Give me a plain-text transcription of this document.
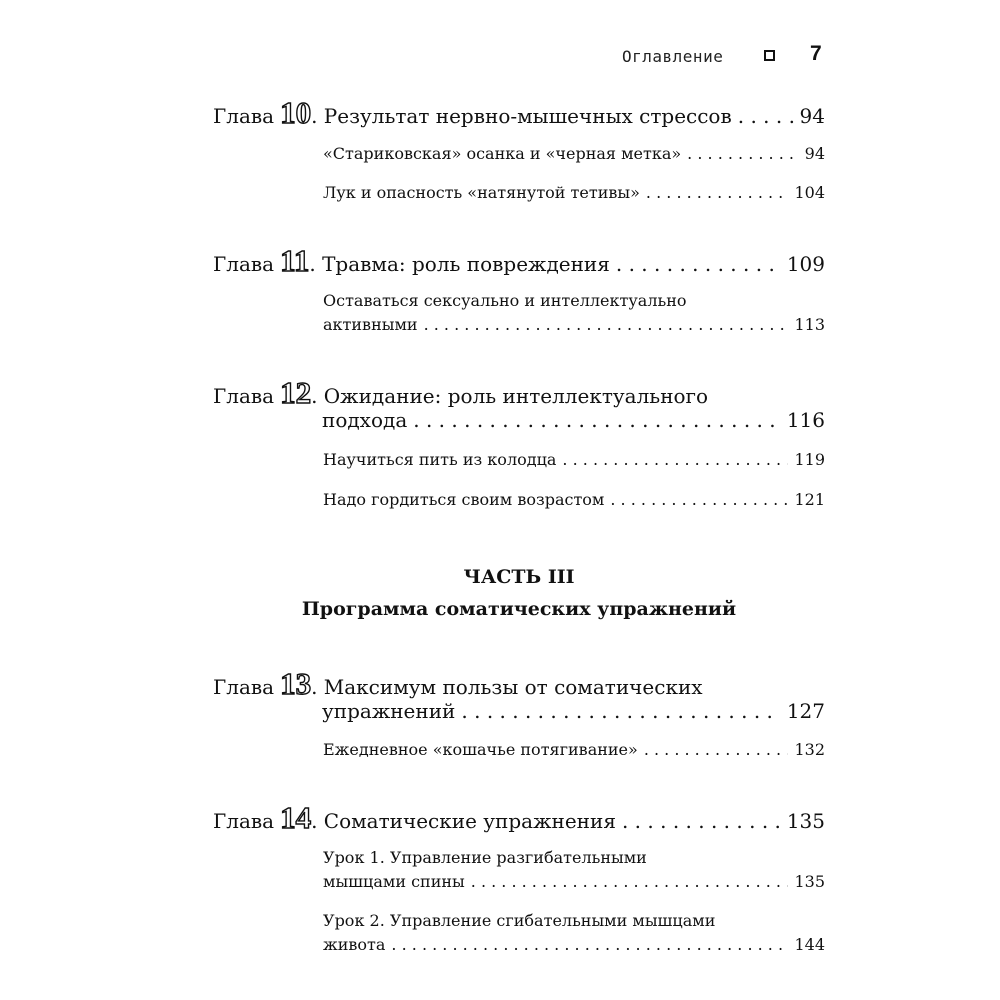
Оглавление	7
Глава 10 . Результат нервно-мышечных стрессов . . .	94
«Стариковская» осанка и «черная метка» . . .	94
Лук и опасность «натянутой тетивы» . . .	104
Глава 11 . Травма: роль повреждения . . .	109
Оставаться сексуально и интеллектуально
активными . . .	113
Глава 12 . Ожидание: роль интеллектуального
подхода . . .	116
Научиться пить из колодца . . .	119
Надо гордиться своим возрастом . . .	121
ЧАСТЬ III
Программа соматических упражнений
Глава 13 . Максимум пользы от соматических
упражнений . . .	127
Ежедневное «кошачье потягивание» . . .	132
Глава 14 . Соматические упражнения . . .	135
Урок 1. Управление разгибательными
мышцами спины . . .	135
Урок 2. Управление сгибательными мышцами
живота . . .	144
